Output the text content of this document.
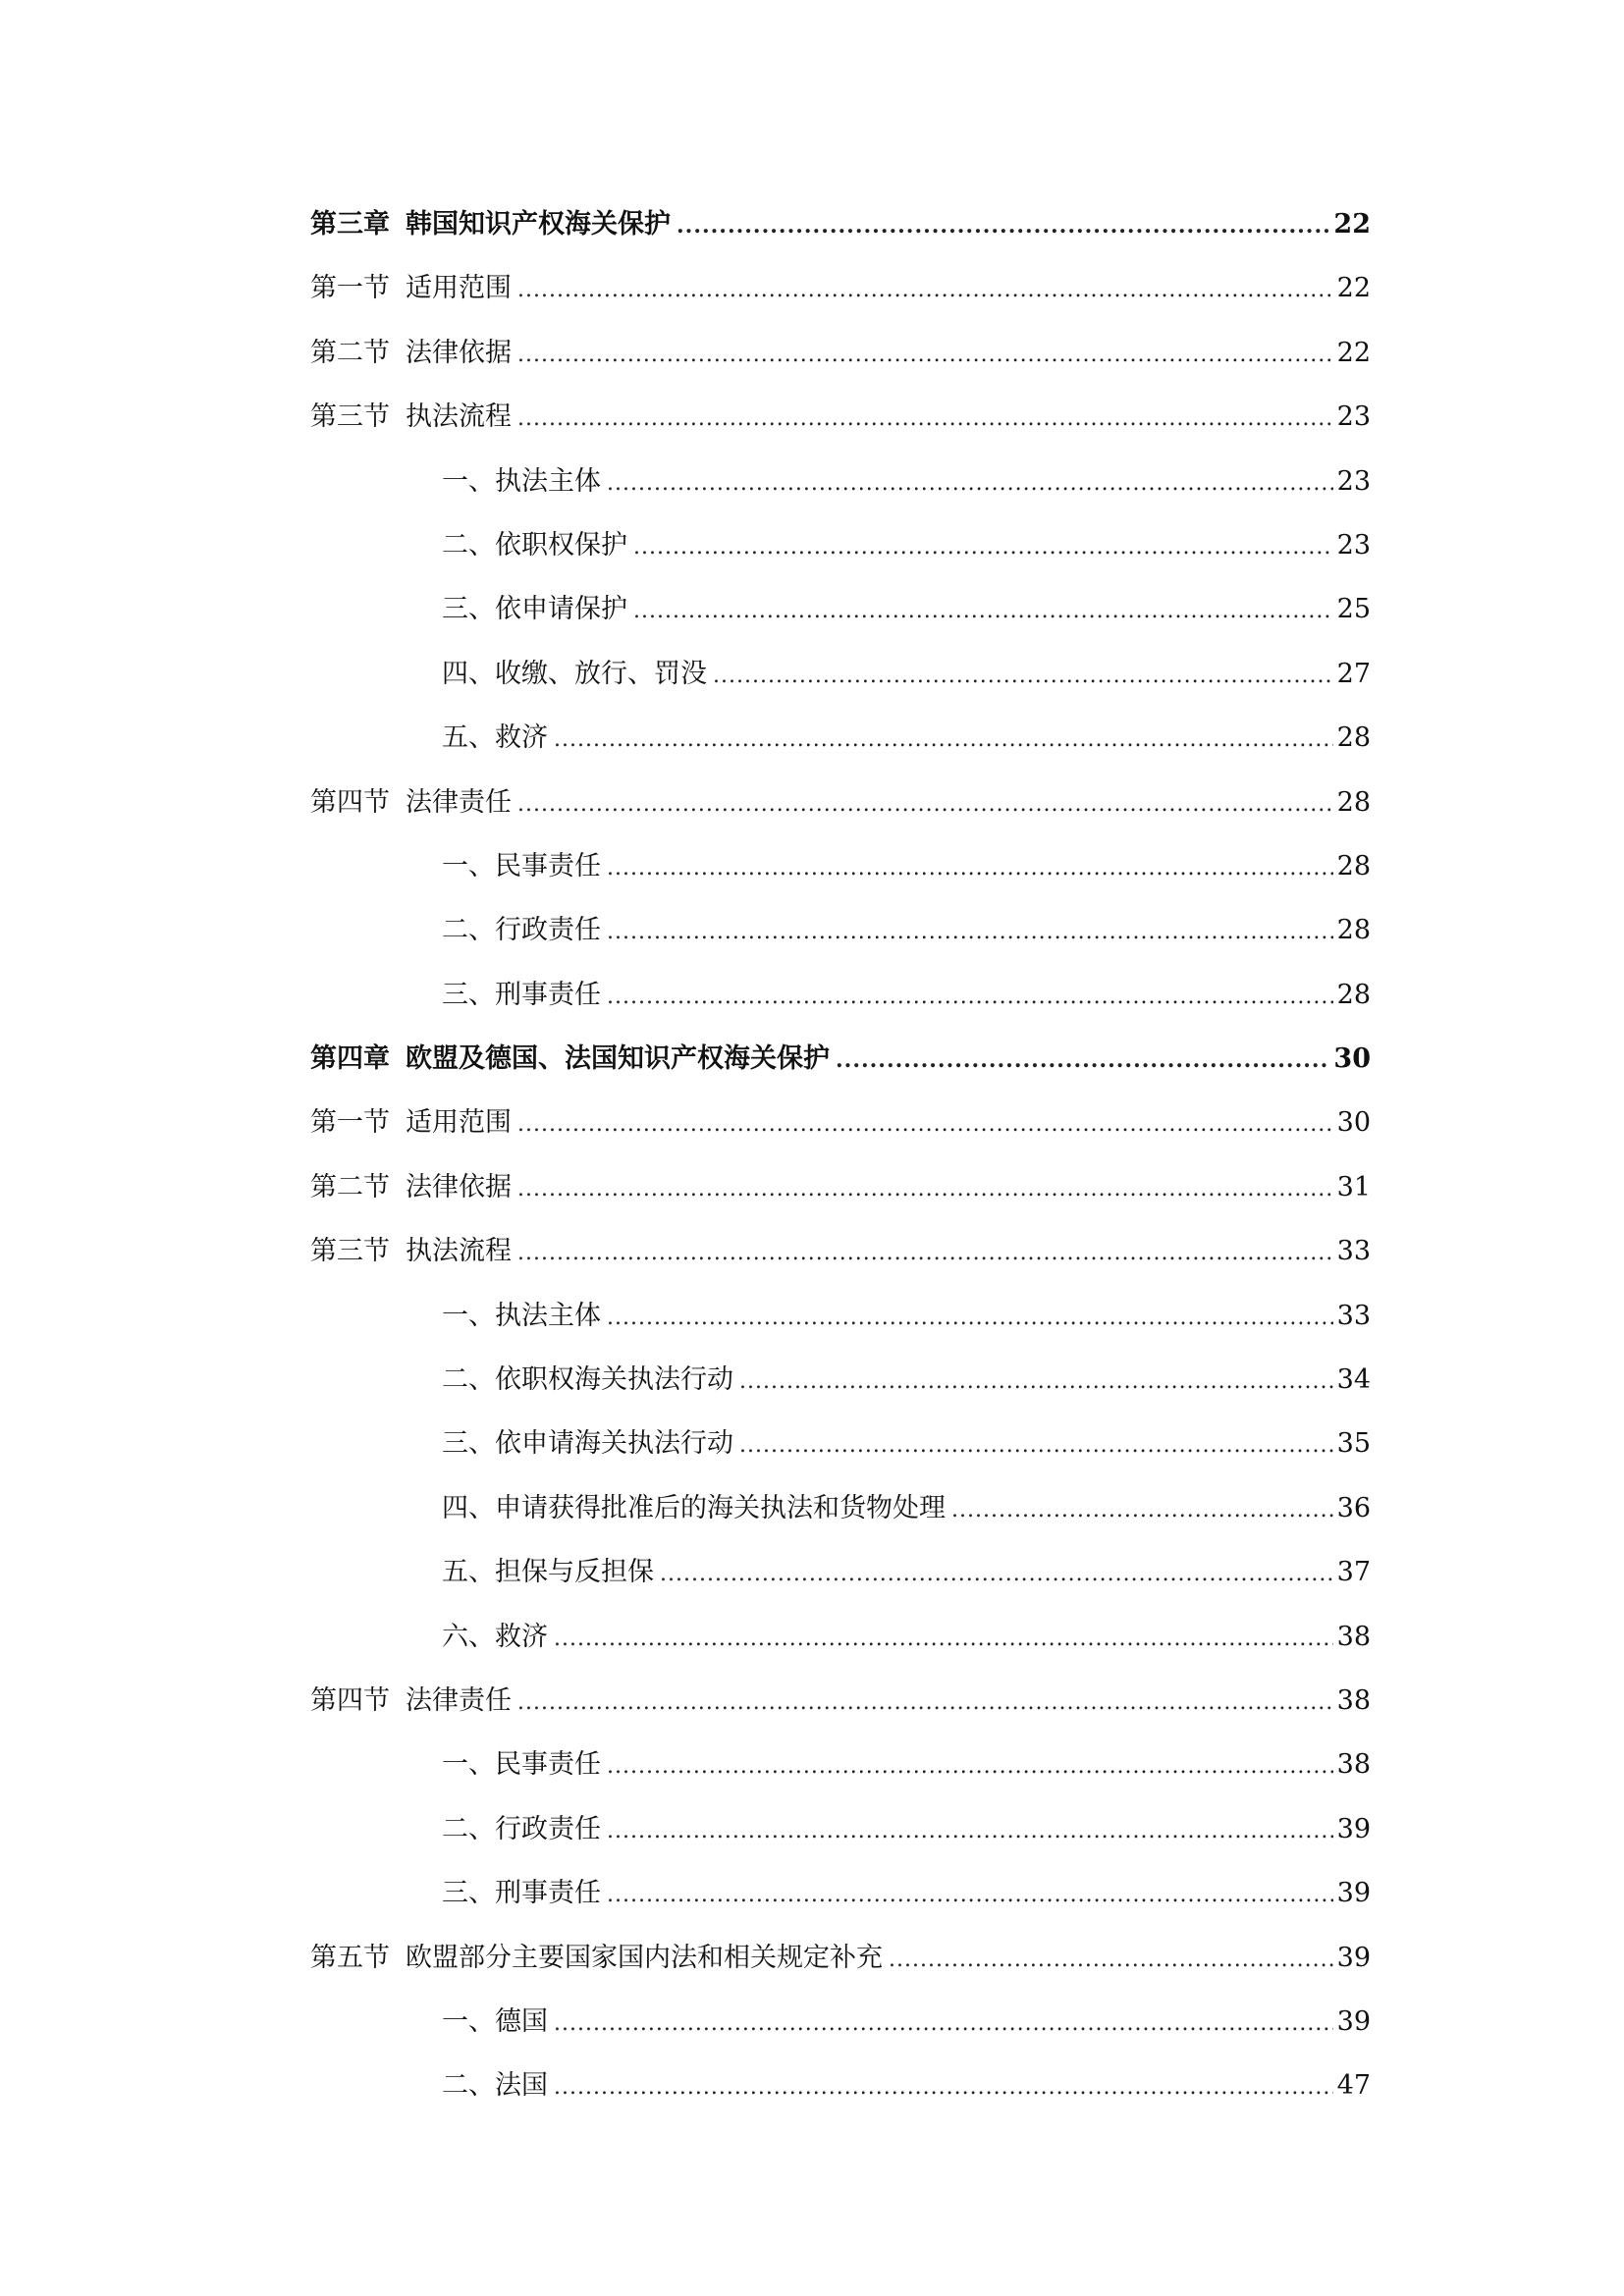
第三章 韩国知识产权海关保护 .....	22
第一节 适用范围 .....	22
第二节 法律依据 .....	22
第三节 执法流程 .....	23
一、执法主体 .....	23
二、依职权保护 .....	23
三、依申请保护 .....	25
四、收缴、放行、罚没 .....	27
五、救济 .....	28
第四节 法律责任 .....	28
一、民事责任 .....	28
二、行政责任 .....	28
三、刑事责任 .....	28
第四章 欧盟及德国、法国知识产权海关保护 .....	30
第一节 适用范围 .....	30
第二节 法律依据 .....	31
第三节 执法流程 .....	33
一、执法主体 .....	33
二、依职权海关执法行动 .....	34
三、依申请海关执法行动 .....	35
四、申请获得批准后的海关执法和货物处理 .....	36
五、担保与反担保 .....	37
六、救济 .....	38
第四节 法律责任 .....	38
一、民事责任 .....	38
二、行政责任 .....	39
三、刑事责任 .....	39
第五节 欧盟部分主要国家国内法和相关规定补充 .....	39
一、德国 .....	39
二、法国 .....	47
